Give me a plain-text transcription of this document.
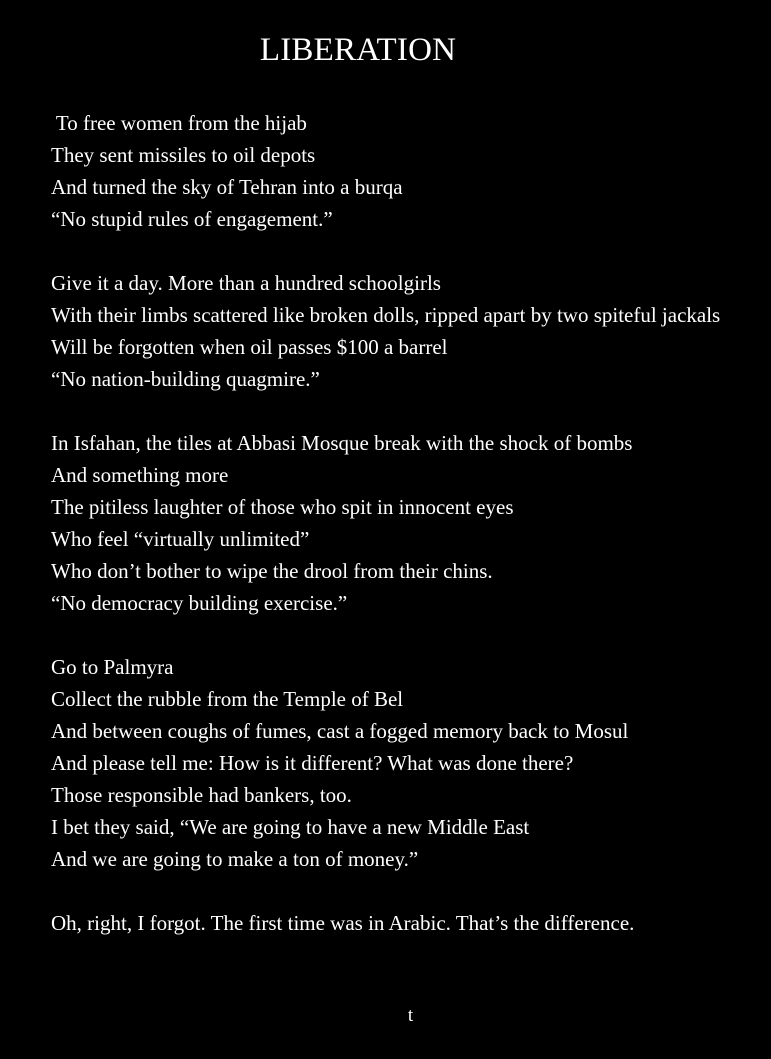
LIBERATION
To free women from the hijab
They sent missiles to oil depots
And turned the sky of Tehran into a burqa
“No stupid rules of engagement.”
Give it a day. More than a hundred schoolgirls
With their limbs scattered like broken dolls, ripped apart by two spiteful jackals
Will be forgotten when oil passes $100 a barrel
“No nation-building quagmire.”
In Isfahan, the tiles at Abbasi Mosque break with the shock of bombs
And something more
The pitiless laughter of those who spit in innocent eyes
Who feel “virtually unlimited”
Who don’t bother to wipe the drool from their chins.
“No democracy building exercise.”
Go to Palmyra
Collect the rubble from the Temple of Bel
And between coughs of fumes, cast a fogged memory back to Mosul
And please tell me: How is it different? What was done there?
Those responsible had bankers, too.
I bet they said, “We are going to have a new Middle East
And we are going to make a ton of money.”
Oh, right, I forgot. The first time was in Arabic. That’s the difference.
t
